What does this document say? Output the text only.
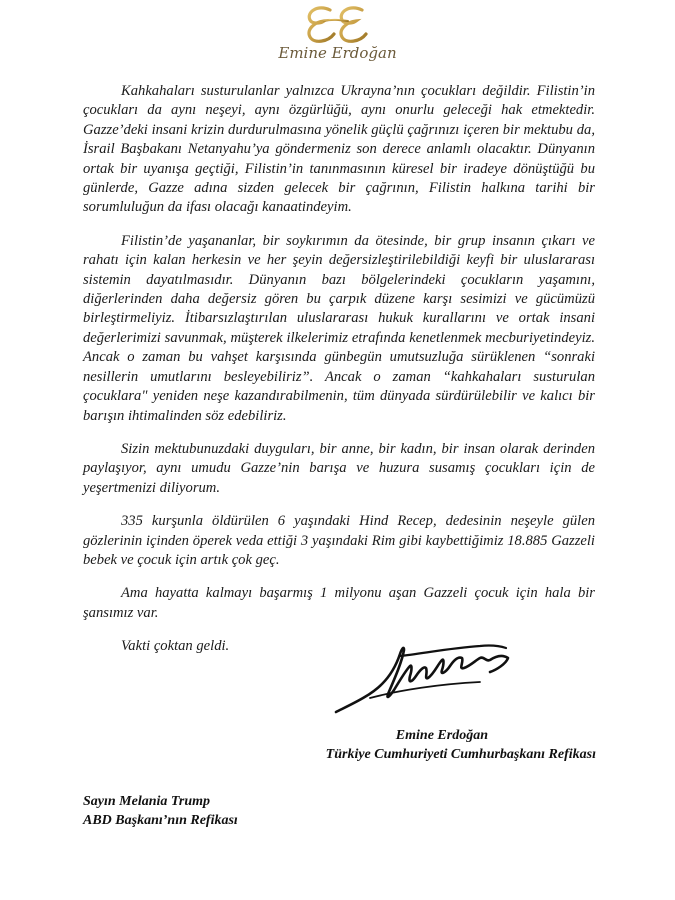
Emine Erdoğan

Kahkahaları susturulanlar yalnızca Ukrayna’nın çocukları değildir. Filistin’in çocukları da aynı neşeyi, aynı özgürlüğü, aynı onurlu geleceği hak etmektedir. Gazze’deki insani krizin durdurulmasına yönelik güçlü çağrınızı içeren bir mektubu da, İsrail Başbakanı Netanyahu’ya göndermeniz son derece anlamlı olacaktır. Dünyanın ortak bir uyanışa geçtiği, Filistin’in tanınmasının küresel bir iradeye dönüştüğü bu günlerde, Gazze adına sizden gelecek bir çağrının, Filistin halkına tarihi bir sorumluluğun da ifası olacağı kanaatindeyim.

Filistin’de yaşananlar, bir soykırımın da ötesinde, bir grup insanın çıkarı ve rahatı için kalan herkesin ve her şeyin değersizleştirilebildiği keyfi bir uluslararası sistemin dayatılmasıdır. Dünyanın bazı bölgelerindeki çocukların yaşamını, diğerlerinden daha değersiz gören bu çarpık düzene karşı sesimizi ve gücümüzü birleştirmeliyiz. İtibarsızlaştırılan uluslararası hukuk kurallarını ve ortak insani değerlerimizi savunmak, müşterek ilkelerimiz etrafında kenetlenmek mecburiyetindeyiz. Ancak o zaman bu vahşet karşısında günbegün umutsuzluğa sürüklenen “sonraki nesillerin umutlarını besleyebiliriz”. Ancak o zaman “kahkahaları susturulan çocuklara" yeniden neşe kazandırabilmenin, tüm dünyada sürdürülebilir ve kalıcı bir barışın ihtimalinden söz edebiliriz.

Sizin mektubunuzdaki duyguları, bir anne, bir kadın, bir insan olarak derinden paylaşıyor, aynı umudu Gazze’nin barışa ve huzura susamış çocukları için de yeşertmenizi diliyorum.

335 kurşunla öldürülen 6 yaşındaki Hind Recep, dedesinin neşeyle gülen gözlerinin içinden öperek veda ettiği 3 yaşındaki Rim gibi kaybettiğimiz 18.885 Gazzeli bebek ve çocuk için artık çok geç.

Ama hayatta kalmayı başarmış 1 milyonu aşan Gazzeli çocuk için hala bir şansımız var.

Vakti çoktan geldi.

Emine Erdoğan
Türkiye Cumhuriyeti Cumhurbaşkanı Refikası
Sayın Melania Trump
ABD Başkanı’nın Refikası
